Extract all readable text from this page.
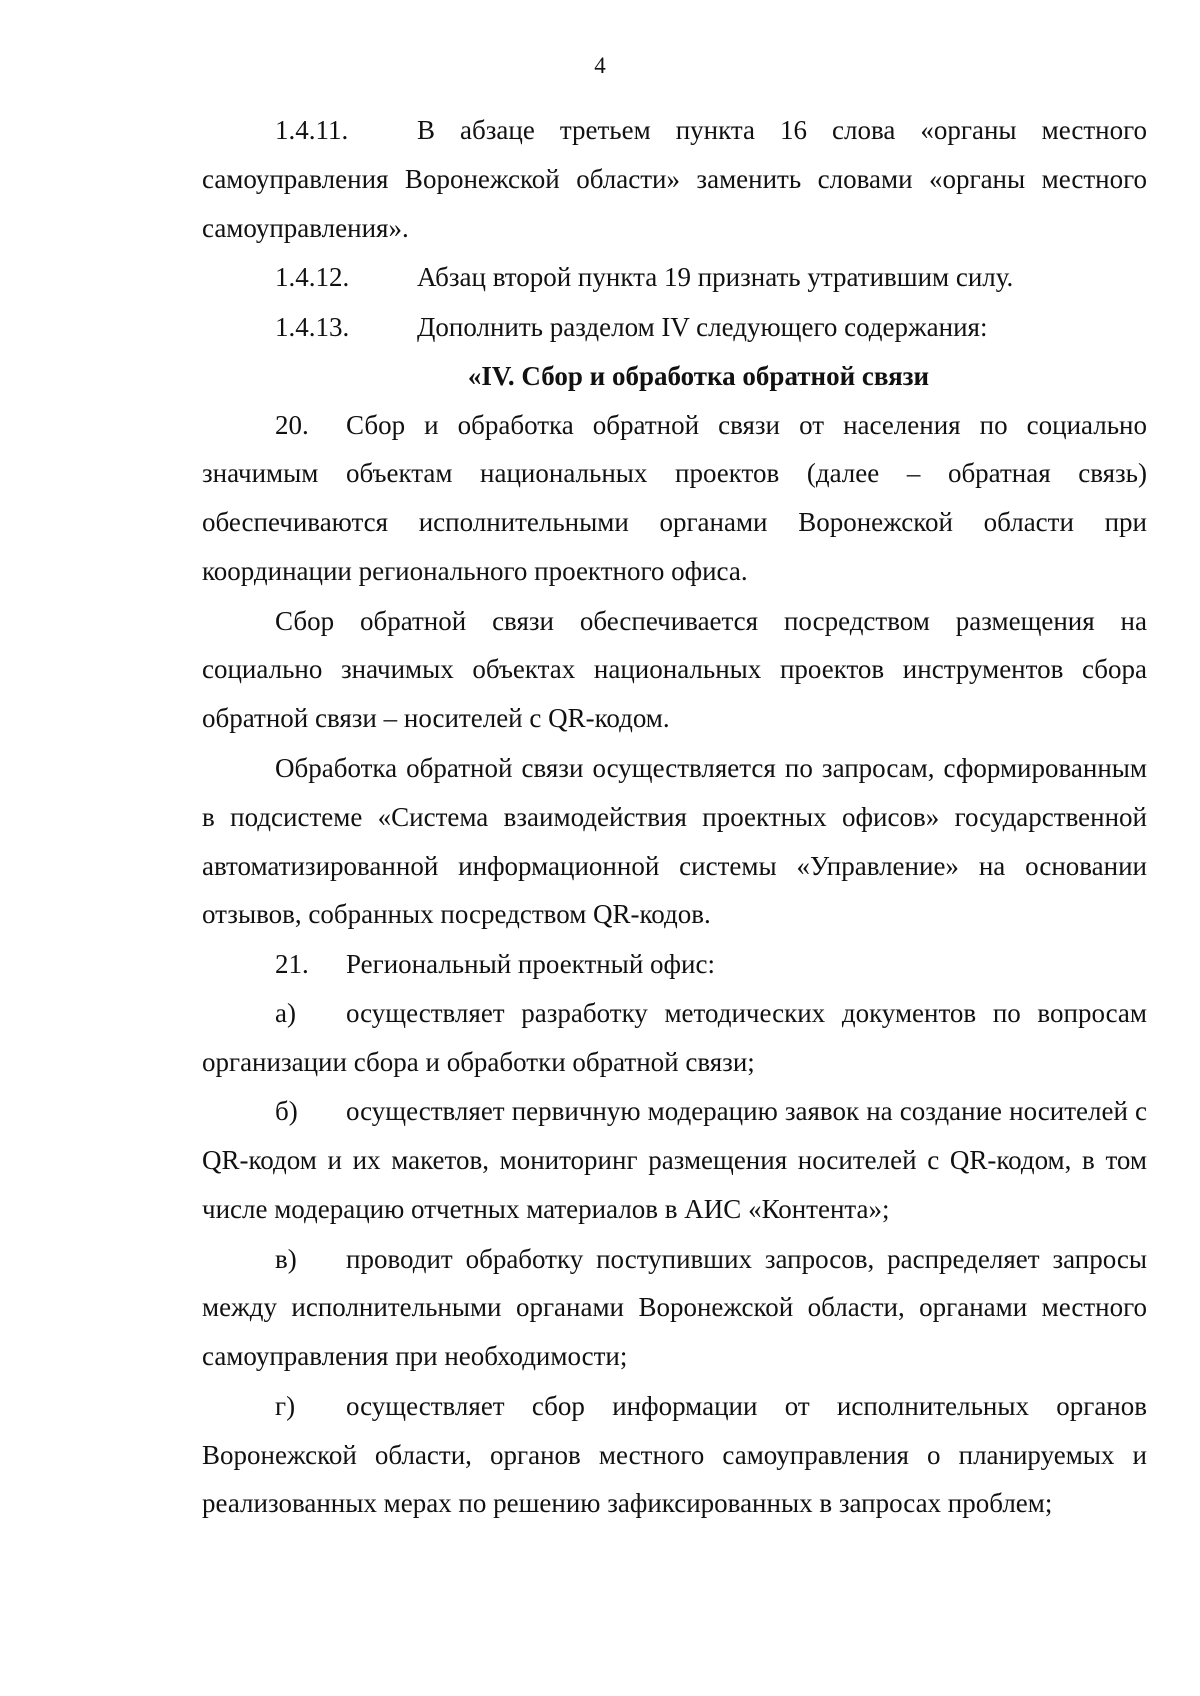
4

1.4.11.	В абзаце третьем пункта 16 слова «органы местного самоуправления Воронежской области» заменить словами «органы местного самоуправления».

1.4.12.	Абзац второй пункта 19 признать утратившим силу.

1.4.13.	Дополнить разделом IV следующего содержания:

«IV. Сбор и обработка обратной связи

20. Сбор и обработка обратной связи от населения по социально значимым объектам национальных проектов (далее – обратная связь) обеспечиваются исполнительными органами Воронежской области при координации регионального проектного офиса.

Сбор обратной связи обеспечивается посредством размещения на социально значимых объектах национальных проектов инструментов сбора обратной связи – носителей с QR-кодом.

Обработка обратной связи осуществляется по запросам, сформированным в подсистеме «Система взаимодействия проектных офисов» государственной автоматизированной информационной системы «Управление» на основании отзывов, собранных посредством QR-кодов.

21. Региональный проектный офис:

а) осуществляет разработку методических документов по вопросам организации сбора и обработки обратной связи;

б) осуществляет первичную модерацию заявок на создание носителей с QR-кодом и их макетов, мониторинг размещения носителей с QR-кодом, в том числе модерацию отчетных материалов в АИС «Контента»;

в) проводит обработку поступивших запросов, распределяет запросы между исполнительными органами Воронежской области, органами местного самоуправления при необходимости;

г) осуществляет сбор информации от исполнительных органов Воронежской области, органов местного самоуправления о планируемых и реализованных мерах по решению зафиксированных в запросах проблем;
